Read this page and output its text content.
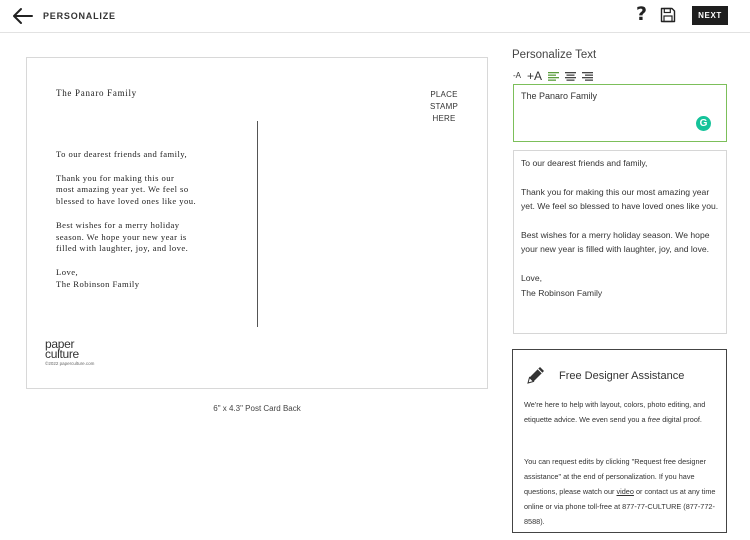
PERSONALIZE	?	NEXT
The Panaro Family	PLACE
STAMP
HERE
To our dearest friends and family,

Thank you for making this our
most amazing year yet. We feel so
blessed to have loved ones like you.

Best wishes for a merry holiday
season. We hope your new year is
filled with laughter, joy, and love.

Love,
The Robinson Family
paper
culture
©2022 paperculture.com
6" x 4.3" Post Card Back
Personalize Text
-A +A
The Panaro Family
G
To our dearest friends and family,

Thank you for making this our most amazing year yet. We feel so blessed to have loved ones like you.

Best wishes for a merry holiday season. We hope your new year is filled with laughter, joy, and love.

Love,
The Robinson Family
Free Designer Assistance
We're here to help with layout, colors, photo editing, and etiquette advice. We even send you a free digital proof.
You can request edits by clicking "Request free designer assistance" at the end of personalization. If you have questions, please watch our video or contact us at any time online or via phone toll-free at 877-77-CULTURE (877-772-8588).
